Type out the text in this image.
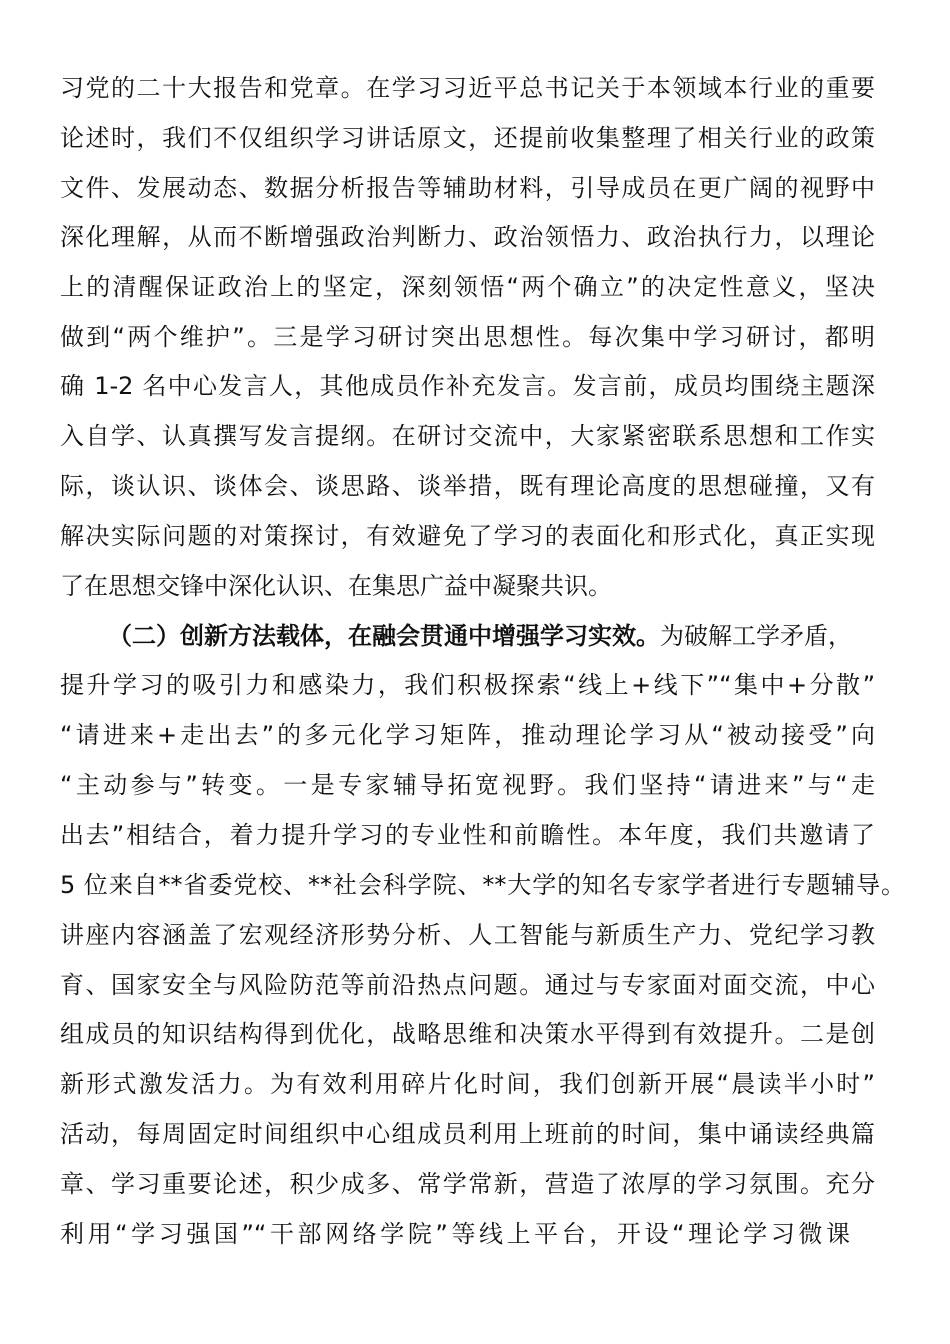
习党的二十大报告和党章。在学习习近平总书记关于本领域本行业的重要
论述时，我们不仅组织学习讲话原文，还提前收集整理了相关行业的政策
文件、发展动态、数据分析报告等辅助材料，引导成员在更广阔的视野中
深化理解，从而不断增强政治判断力、政治领悟力、政治执行力，以理论
上的清醒保证政治上的坚定，深刻领悟“两个确立”的决定性意义，坚决
做到“两个维护”。三是学习研讨突出思想性。每次集中学习研讨，都明
确 1-2 名中心发言人，其他成员作补充发言。发言前，成员均围绕主题深
入自学、认真撰写发言提纲。在研讨交流中，大家紧密联系思想和工作实
际，谈认识、谈体会、谈思路、谈举措，既有理论高度的思想碰撞，又有
解决实际问题的对策探讨，有效避免了学习的表面化和形式化，真正实现
了在思想交锋中深化认识、在集思广益中凝聚共识。
（二）创新方法载体，在融会贯通中增强学习实效。为破解工学矛盾，
提升学习的吸引力和感染力，我们积极探索“线上+线下”“集中+分散”
“请进来+走出去”的多元化学习矩阵，推动理论学习从“被动接受”向
“主动参与”转变。一是专家辅导拓宽视野。我们坚持“请进来”与“走
出去”相结合，着力提升学习的专业性和前瞻性。本年度，我们共邀请了
5 位来自**省委党校、**社会科学院、**大学的知名专家学者进行专题辅导。
讲座内容涵盖了宏观经济形势分析、人工智能与新质生产力、党纪学习教
育、国家安全与风险防范等前沿热点问题。通过与专家面对面交流，中心
组成员的知识结构得到优化，战略思维和决策水平得到有效提升。二是创
新形式激发活力。为有效利用碎片化时间，我们创新开展“晨读半小时”
活动，每周固定时间组织中心组成员利用上班前的时间，集中诵读经典篇
章、学习重要论述，积少成多、常学常新，营造了浓厚的学习氛围。充分
利用“学习强国”“干部网络学院”等线上平台，开设“理论学习微课
